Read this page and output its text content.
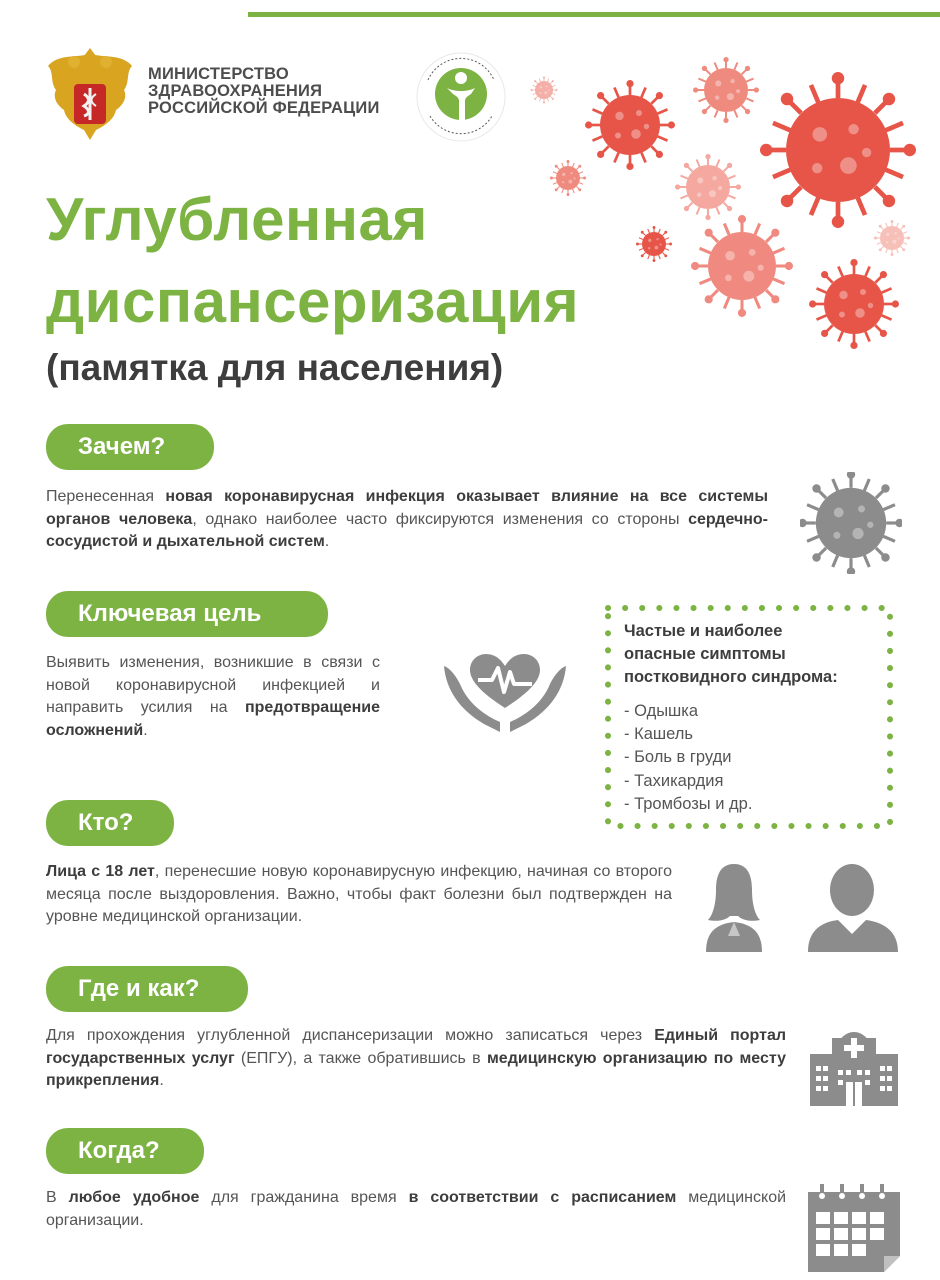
МИНИСТЕРСТВО
ЗДРАВООХРАНЕНИЯ
РОССИЙСКОЙ ФЕДЕРАЦИИ
Углубленная
диспансеризация
(памятка для населения)
Зачем?
Перенесенная новая коронавирусная инфекция оказывает влияние на все системы органов человека, однако наиболее часто фиксируются изменения со стороны сердечно-сосудистой и дыхательной систем.
Ключевая цель
Выявить изменения, возникшие в связи с новой коронавирусной инфекцией и направить усилия на предотвращение осложнений.
Частые и наиболее
опасные симптомы
постковидного синдрома:
- Одышка
- Кашель
- Боль в груди
- Тахикардия
- Тромбозы и др.
Кто?
Лица с 18 лет, перенесшие новую коронавирусную инфекцию, начиная со второго месяца после выздоровления. Важно, чтобы факт болезни был подтвержден на уровне медицинской организации.
Где и как?
Для прохождения углубленной диспансеризации можно записаться через Единый портал государственных услуг (ЕПГУ), а также обратившись в медицинскую организацию по месту прикрепления.
Когда?
В любое удобное для гражданина время в соответствии с расписанием медицинской организации.
